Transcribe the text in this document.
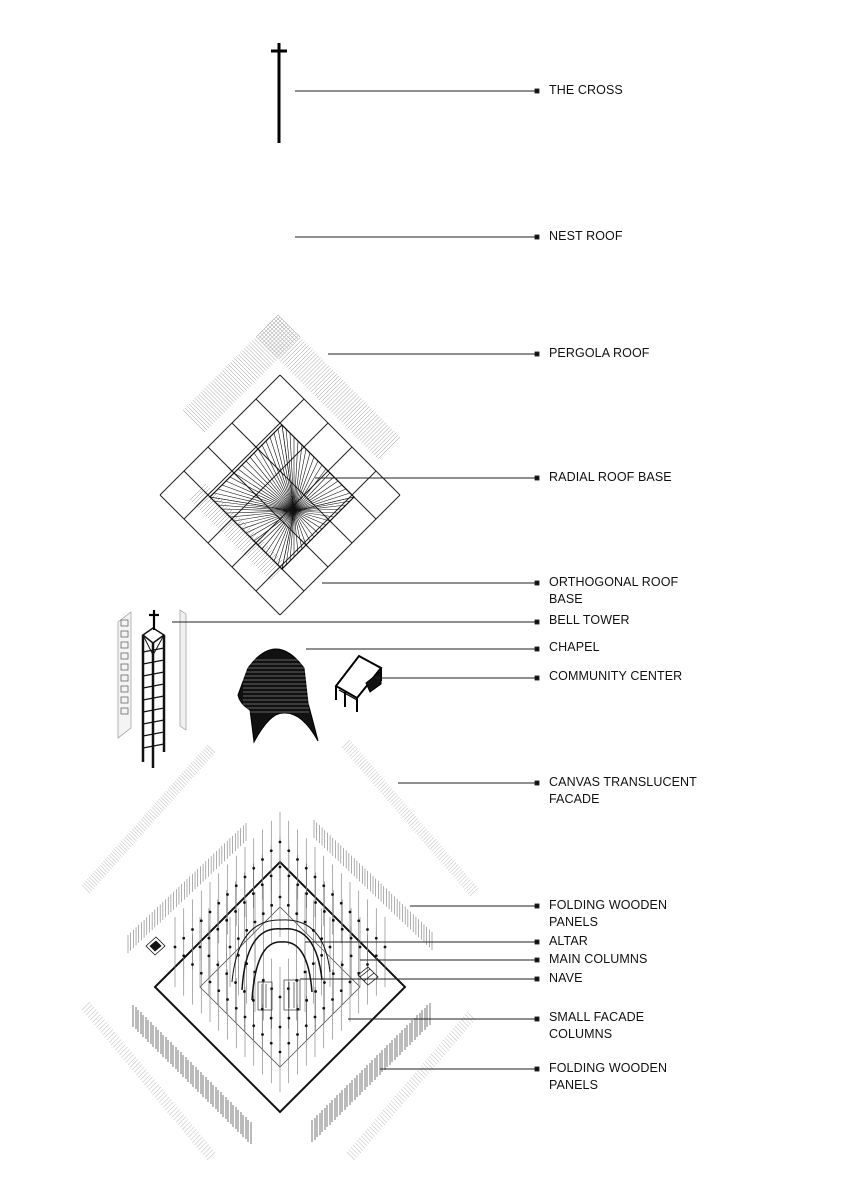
THE CROSS
NEST ROOF
PERGOLA ROOF
RADIAL ROOF BASE
ORTHOGONAL ROOF
BASE
BELL TOWER
CHAPEL
COMMUNITY CENTER
CANVAS TRANSLUCENT
FACADE
FOLDING WOODEN
PANELS
ALTAR
MAIN COLUMNS
NAVE
SMALL FACADE
COLUMNS
FOLDING WOODEN
PANELS
